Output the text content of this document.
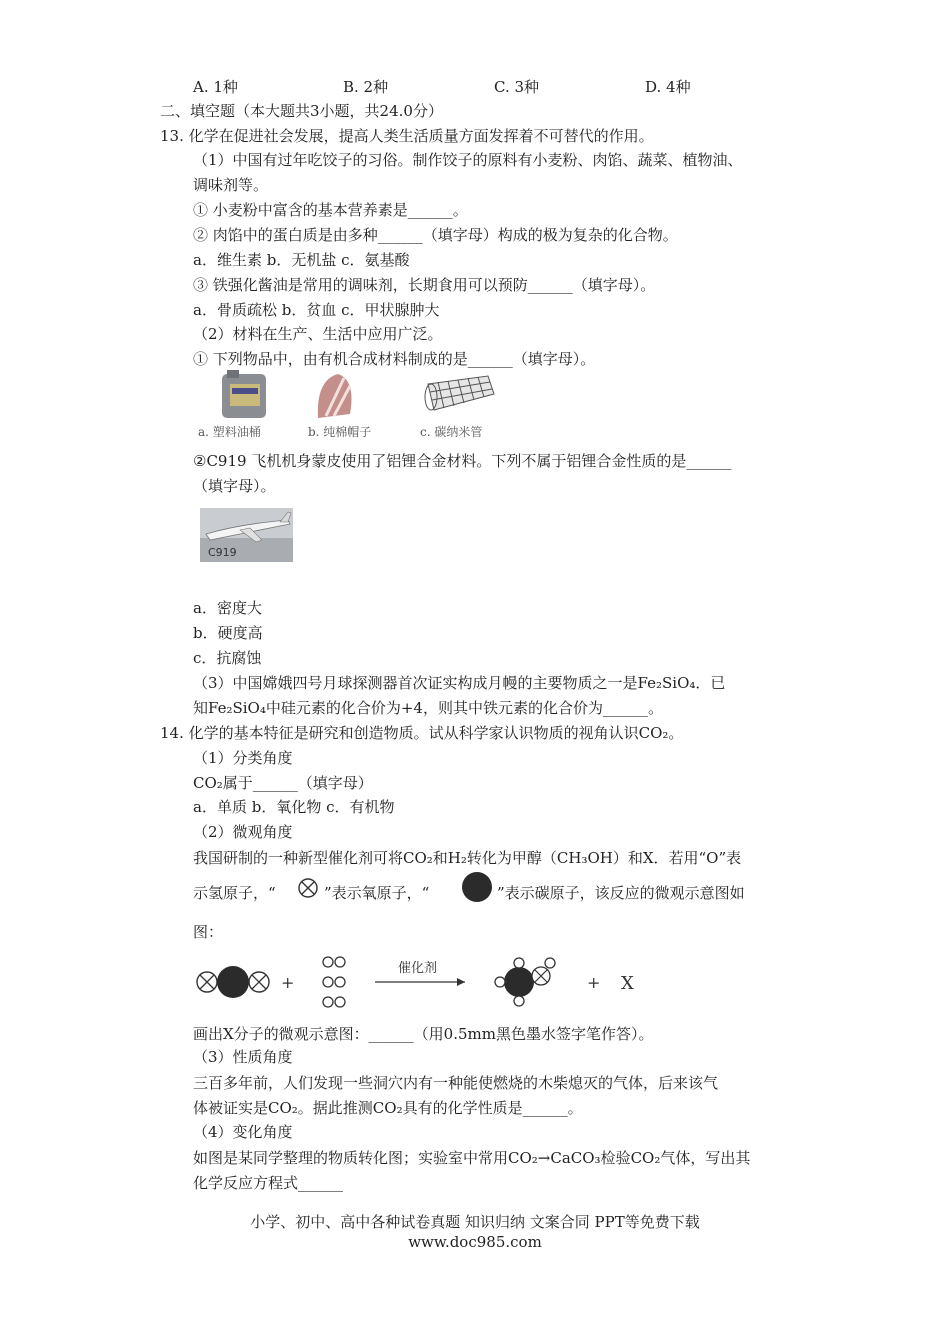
A. 1种	B. 2种	C. 3种	D. 4种
二、填空题（本大题共3小题，共24.0分）
13. 化学在促进社会发展，提高人类生活质量方面发挥着不可替代的作用。
（1）中国有过年吃饺子的习俗。制作饺子的原料有小麦粉、肉馅、蔬菜、植物油、
调味剂等。
① 小麦粉中富含的基本营养素是______。
② 肉馅中的蛋白质是由多种______（填字母）构成的极为复杂的化合物。
a．维生素 b．无机盐 c．氨基酸
③ 铁强化酱油是常用的调味剂，长期食用可以预防______（填字母）。
a．骨质疏松 b．贫血 c．甲状腺肿大
（2）材料在生产、生活中应用广泛。
① 下列物品中，由有机合成材料制成的是______（填字母）。
a. 塑料油桶	b. 纯棉帽子	c. 碳纳米管
②C919 飞机机身蒙皮使用了铝锂合金材料。下列不属于铝锂合金性质的是______
（填字母）。
C919
a．密度大
b．硬度高
c．抗腐蚀
（3）中国嫦娥四号月球探测器首次证实构成月幔的主要物质之一是Fe₂SiO₄．已
知Fe₂SiO₄中硅元素的化合价为+4，则其中铁元素的化合价为______。
14. 化学的基本特征是研究和创造物质。试从科学家认识物质的视角认识CO₂。
（1）分类角度
CO₂属于______（填字母）
a．单质 b．氧化物 c．有机物
（2）微观角度
我国研制的一种新型催化剂可将CO₂和H₂转化为甲醇（CH₃OH）和X．若用“O”表
示氢原子，“	”表示氧原子，“	”表示碳原子，该反应的微观示意图如
图：
+
催化剂
+ X
画出X分子的微观示意图：______（用0.5mm黑色墨水签字笔作答）。
（3）性质角度
三百多年前，人们发现一些洞穴内有一种能使燃烧的木柴熄灭的气体，后来该气
体被证实是CO₂。据此推测CO₂具有的化学性质是______。
（4）变化角度
如图是某同学整理的物质转化图；实验室中常用CO₂→CaCO₃检验CO₂气体，写出其
化学反应方程式______
小学、初中、高中各种试卷真题 知识归纳 文案合同 PPT等免费下载
www.doc985.com
